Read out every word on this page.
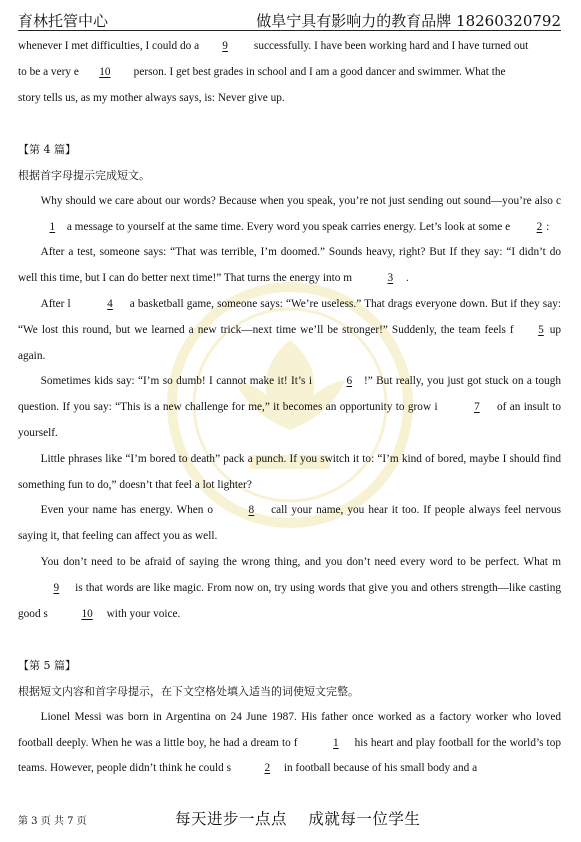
育林托管中心	做阜宁具有影响力的教育品牌 18260320792

whenever I met difficulties, I could do a 9 successfully. I have been working hard and I have turned out

to be a very e 10 person. I get best grades in school and I am a good dancer and swimmer. What the

story tells us, as my mother always says, is: Never give up.

【第 4 篇】

根据首字母提示完成短文。

Why should we care about our words? Because when you speak, you’re not just sending out sound—you’re also c1 a message to yourself at the same time. Every word you speak carries energy. Let’s look at some e 2 :

After a test, someone says: “That was terrible, I’m doomed.” Sounds heavy, right? But If they say: “I didn’t do well this time, but I can do better next time!” That turns the energy into m	3 .

After l	4 a basketball game, someone says: “We’re useless.” That drags everyone down. But if they say: “We lost this round, but we learned a new trick—next time we’ll be stronger!” Suddenly, the team feels f 5 up again.

Sometimes kids say: “I’m so dumb! I cannot make it! It’s i	6 !” But really, you just got stuck on a tough question. If you say: “This is a new challenge for me,” it becomes an opportunity to grow i	7 of an insult to yourself.

Little phrases like “I’m bored to death” pack a punch. If you switch it to: “I’m kind of bored, maybe I should find something fun to do,” doesn’t that feel a lot lighter?

Even your name has energy. When o	8 call your name, you hear it too. If people always feel nervous saying it, that feeling can affect you as well.

You don’t need to be afraid of saying the wrong thing, and you don’t need every word to be perfect. What m9 is that words are like magic. From now on, try using words that give you and others strength—like casting good s	10 with your voice.

【第 5 篇】

根据短文内容和首字母提示，在下文空格处填入适当的词使短文完整。

Lionel Messi was born in Argentina on 24 June 1987. His father once worked as a factory worker who loved football deeply. When he was a little boy, he had a dream to f	1 his heart and play football for the world’s top teams. However, people didn’t think he could s	2 in football because of his small body and a

第 3 页 共 7 页	每天进步一点点　 成就每一位学生
